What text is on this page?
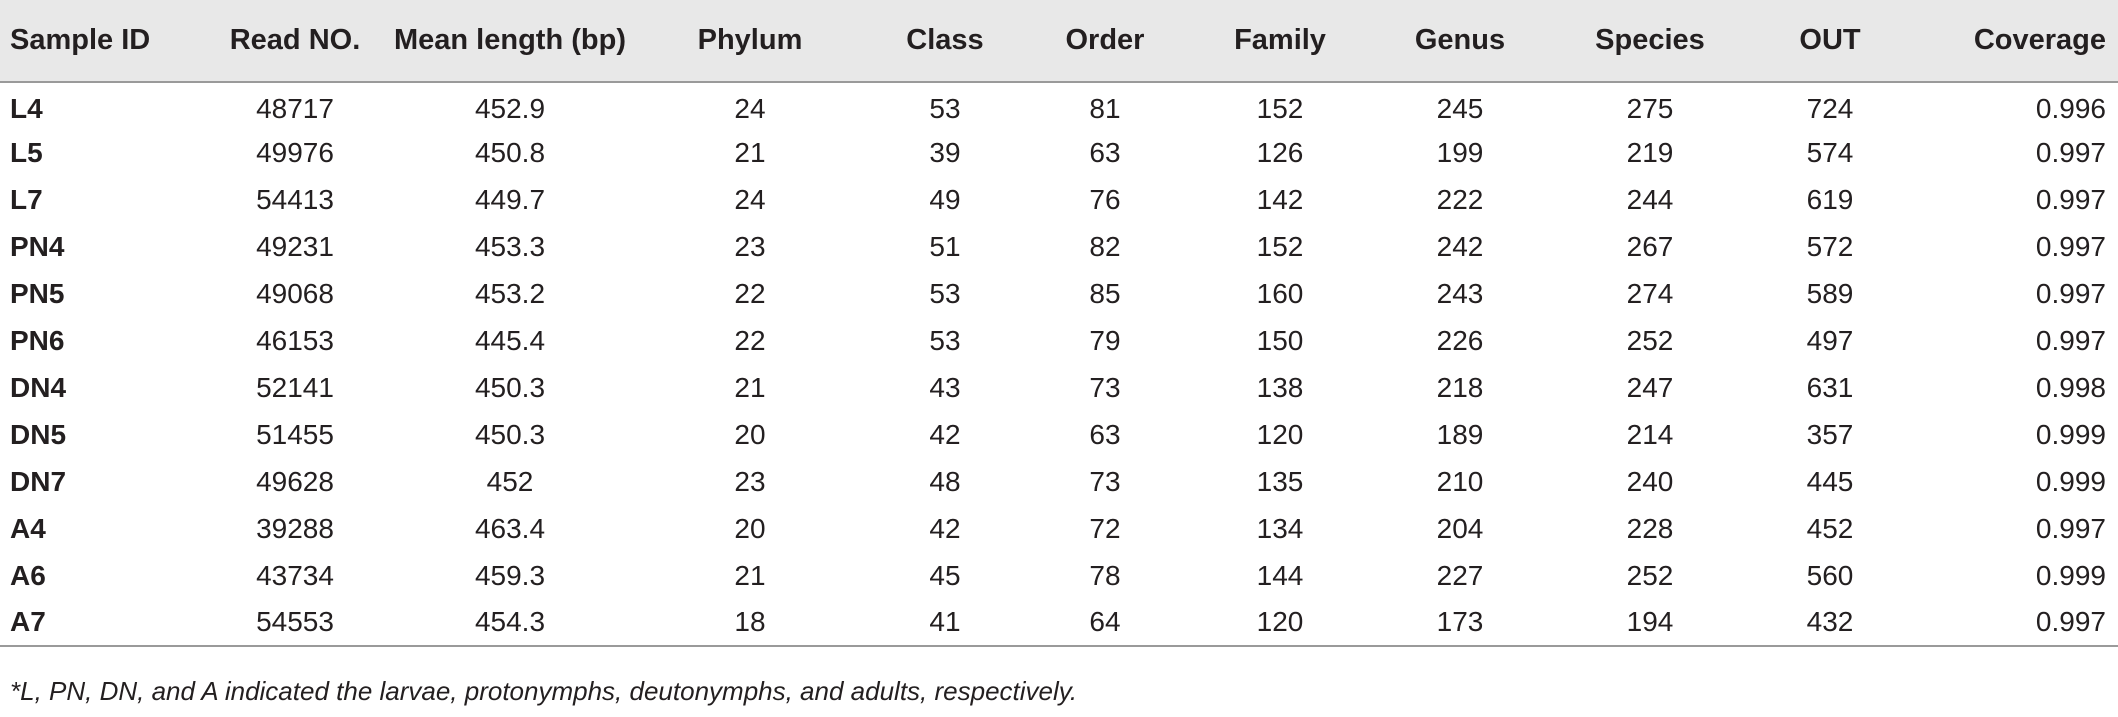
Sample ID	Read NO.	Mean length (bp)	Phylum	Class	Order	Family	Genus	Species	OUT	Coverage
L4	48717	452.9	24	53	81	152	245	275	724	0.996
L5	49976	450.8	21	39	63	126	199	219	574	0.997
L7	54413	449.7	24	49	76	142	222	244	619	0.997
PN4	49231	453.3	23	51	82	152	242	267	572	0.997
PN5	49068	453.2	22	53	85	160	243	274	589	0.997
PN6	46153	445.4	22	53	79	150	226	252	497	0.997
DN4	52141	450.3	21	43	73	138	218	247	631	0.998
DN5	51455	450.3	20	42	63	120	189	214	357	0.999
DN7	49628	452	23	48	73	135	210	240	445	0.999
A4	39288	463.4	20	42	72	134	204	228	452	0.997
A6	43734	459.3	21	45	78	144	227	252	560	0.999
A7	54553	454.3	18	41	64	120	173	194	432	0.997
*L, PN, DN, and A indicated the larvae, protonymphs, deutonymphs, and adults, respectively.
